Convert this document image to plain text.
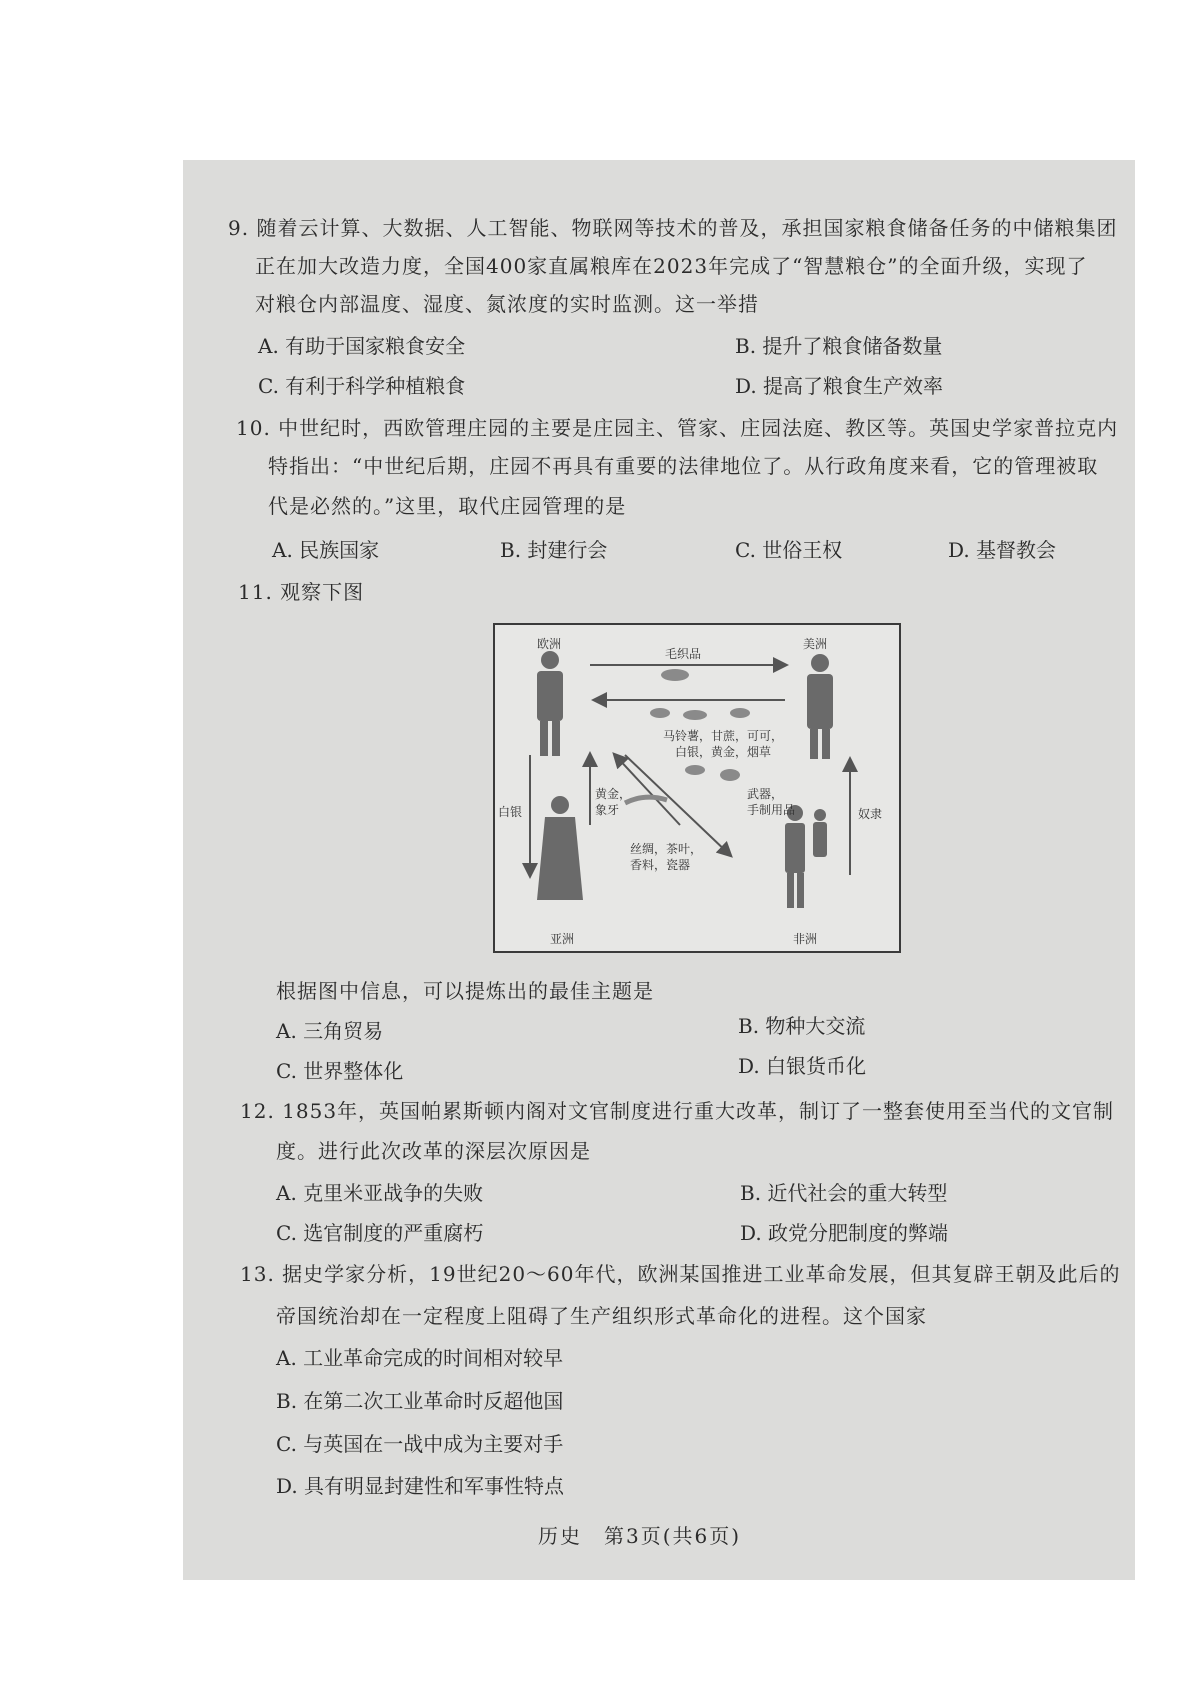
9. 随着云计算、大数据、人工智能、物联网等技术的普及，承担国家粮食储备任务的中储粮集团
正在加大改造力度，全国400家直属粮库在2023年完成了“智慧粮仓”的全面升级，实现了
对粮仓内部温度、湿度、氮浓度的实时监测。这一举措
A. 有助于国家粮食安全	B. 提升了粮食储备数量
C. 有利于科学种植粮食	D. 提高了粮食生产效率
10. 中世纪时，西欧管理庄园的主要是庄园主、管家、庄园法庭、教区等。英国史学家普拉克内
特指出：“中世纪后期，庄园不再具有重要的法律地位了。从行政角度来看，它的管理被取
代是必然的。”这里，取代庄园管理的是
A. 民族国家	B. 封建行会	C. 世俗王权	D. 基督教会
11. 观察下图
欧洲	美洲
亚洲	非洲
毛织品
白银	奴隶
马铃薯，甘蔗，可可，
白银，黄金，烟草
黄金，
象牙
武器，
手制用品
丝绸，茶叶，
香料，瓷器
根据图中信息，可以提炼出的最佳主题是
A. 三角贸易	B. 物种大交流
C. 世界整体化	D. 白银货币化
12. 1853年，英国帕累斯顿内阁对文官制度进行重大改革，制订了一整套使用至当代的文官制
度。进行此次改革的深层次原因是
A. 克里米亚战争的失败	B. 近代社会的重大转型
C. 选官制度的严重腐朽	D. 政党分肥制度的弊端
13. 据史学家分析，19世纪20～60年代，欧洲某国推进工业革命发展，但其复辟王朝及此后的
帝国统治却在一定程度上阻碍了生产组织形式革命化的进程。这个国家
A. 工业革命完成的时间相对较早
B. 在第二次工业革命时反超他国
C. 与英国在一战中成为主要对手
D. 具有明显封建性和军事性特点
历史　第3页(共6页)
